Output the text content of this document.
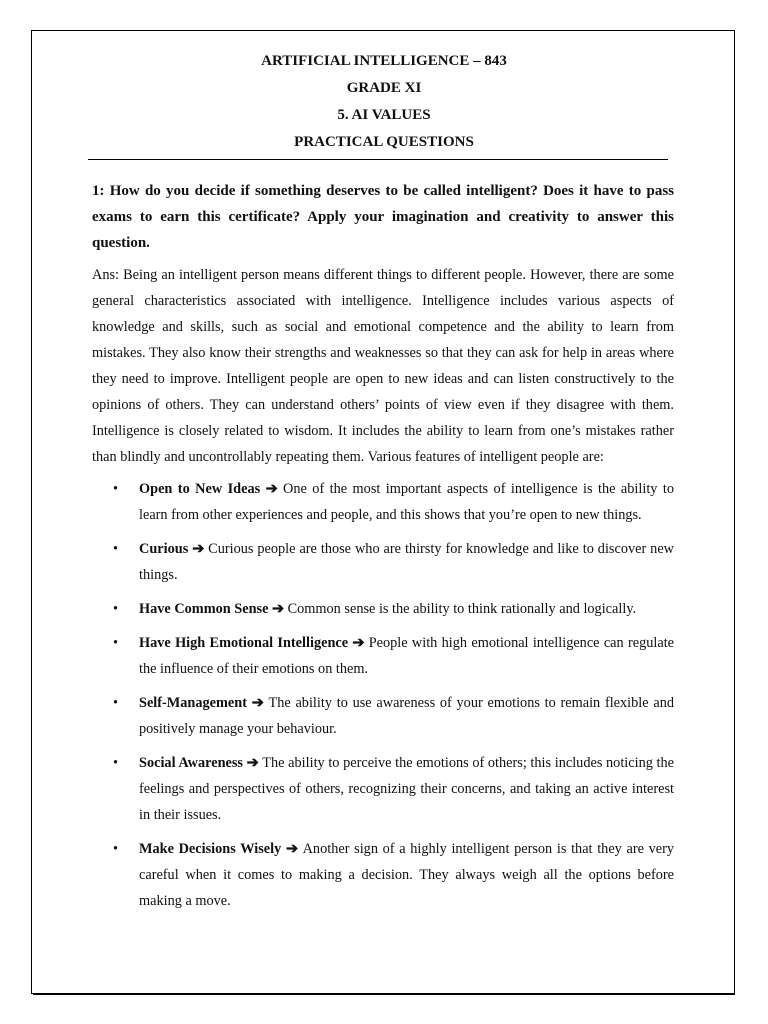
ARTIFICIAL INTELLIGENCE – 843
GRADE XI
5. AI VALUES
PRACTICAL QUESTIONS

1: How do you decide if something deserves to be called intelligent? Does it have to pass exams to earn this certificate? Apply your imagination and creativity to answer this question.

Ans: Being an intelligent person means different things to different people. However, there are some general characteristics associated with intelligence. Intelligence includes various aspects of knowledge and skills, such as social and emotional competence and the ability to learn from mistakes. They also know their strengths and weaknesses so that they can ask for help in areas where they need to improve. Intelligent people are open to new ideas and can listen constructively to the opinions of others. They can understand others’ points of view even if they disagree with them. Intelligence is closely related to wisdom. It includes the ability to learn from one’s mistakes rather than blindly and uncontrollably repeating them. Various features of intelligent people are:

• Open to New Ideas ➔ One of the most important aspects of intelligence is the ability to learn from other experiences and people, and this shows that you’re open to new things.
• Curious ➔ Curious people are those who are thirsty for knowledge and like to discover new things.
• Have Common Sense ➔ Common sense is the ability to think rationally and logically.
• Have High Emotional Intelligence ➔ People with high emotional intelligence can regulate the influence of their emotions on them.
• Self-Management ➔ The ability to use awareness of your emotions to remain flexible and positively manage your behaviour.
• Social Awareness ➔ The ability to perceive the emotions of others; this includes noticing the feelings and perspectives of others, recognizing their concerns, and taking an active interest in their issues.
• Make Decisions Wisely ➔ Another sign of a highly intelligent person is that they are very careful when it comes to making a decision. They always weigh all the options before making a move.
